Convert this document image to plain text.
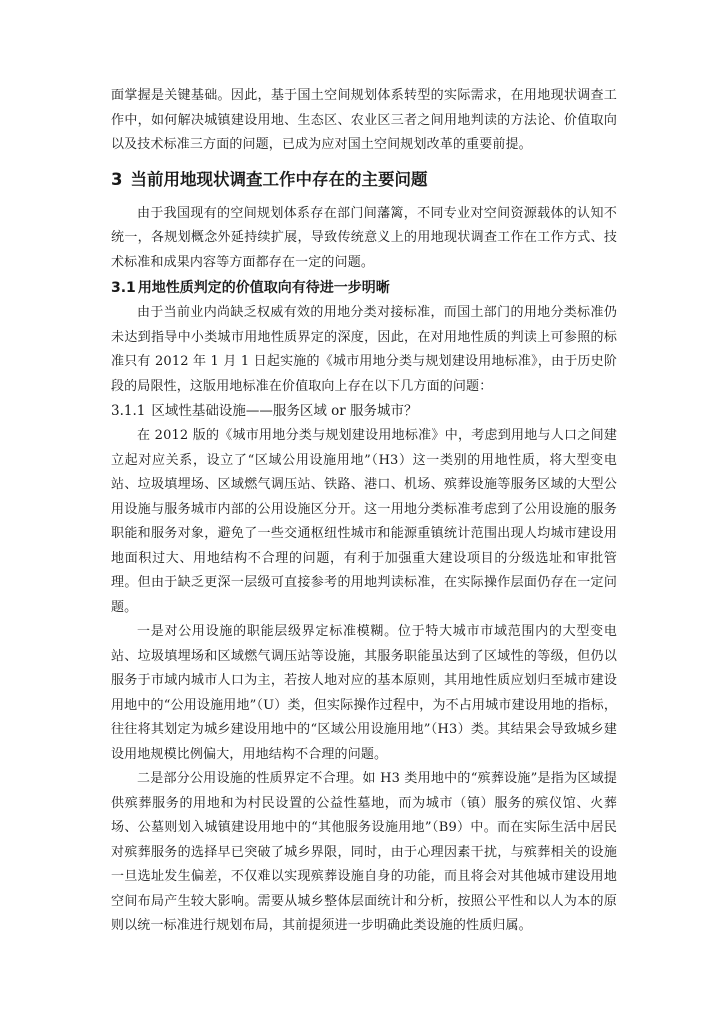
面掌握是关键基础。因此，基于国土空间规划体系转型的实际需求，在用地现状调查工作中，如何解决城镇建设用地、生态区、农业区三者之间用地判读的方法论、价值取向以及技术标准三方面的问题，已成为应对国土空间规划改革的重要前提。

3 当前用地现状调查工作中存在的主要问题

由于我国现有的空间规划体系存在部门间藩篱，不同专业对空间资源载体的认知不统一，各规划概念外延持续扩展，导致传统意义上的用地现状调查工作在工作方式、技术标准和成果内容等方面都存在一定的问题。

3.1 用地性质判定的价值取向有待进一步明晰

由于当前业内尚缺乏权威有效的用地分类对接标准，而国土部门的用地分类标准仍未达到指导中小类城市用地性质界定的深度，因此，在对用地性质的判读上可参照的标准只有 2012 年 1 月 1 日起实施的《城市用地分类与规划建设用地标准》，由于历史阶段的局限性，这版用地标准在价值取向上存在以下几方面的问题：

3.1.1 区域性基础设施——服务区域 or 服务城市？

在 2012 版的《城市用地分类与规划建设用地标准》中，考虑到用地与人口之间建立起对应关系，设立了“区域公用设施用地”（H3）这一类别的用地性质，将大型变电站、垃圾填埋场、区域燃气调压站、铁路、港口、机场、殡葬设施等服务区域的大型公用设施与服务城市内部的公用设施区分开。这一用地分类标准考虑到了公用设施的服务职能和服务对象，避免了一些交通枢纽性城市和能源重镇统计范围出现人均城市建设用地面积过大、用地结构不合理的问题，有利于加强重大建设项目的分级选址和审批管理。但由于缺乏更深一层级可直接参考的用地判读标准，在实际操作层面仍存在一定问题。

一是对公用设施的职能层级界定标准模糊。位于特大城市市域范围内的大型变电站、垃圾填埋场和区域燃气调压站等设施，其服务职能虽达到了区域性的等级，但仍以服务于市域内城市人口为主，若按人地对应的基本原则，其用地性质应划归至城市建设用地中的“公用设施用地”（U）类，但实际操作过程中，为不占用城市建设用地的指标，往往将其划定为城乡建设用地中的“区域公用设施用地”（H3）类。其结果会导致城乡建设用地规模比例偏大，用地结构不合理的问题。

二是部分公用设施的性质界定不合理。如 H3 类用地中的“殡葬设施”是指为区域提供殡葬服务的用地和为村民设置的公益性墓地，而为城市（镇）服务的殡仪馆、火葬场、公墓则划入城镇建设用地中的“其他服务设施用地”（B9）中。而在实际生活中居民对殡葬服务的选择早已突破了城乡界限，同时，由于心理因素干扰，与殡葬相关的设施一旦选址发生偏差，不仅难以实现殡葬设施自身的功能，而且将会对其他城市建设用地空间布局产生较大影响。需要从城乡整体层面统计和分析，按照公平性和以人为本的原则以统一标准进行规划布局，其前提须进一步明确此类设施的性质归属。
